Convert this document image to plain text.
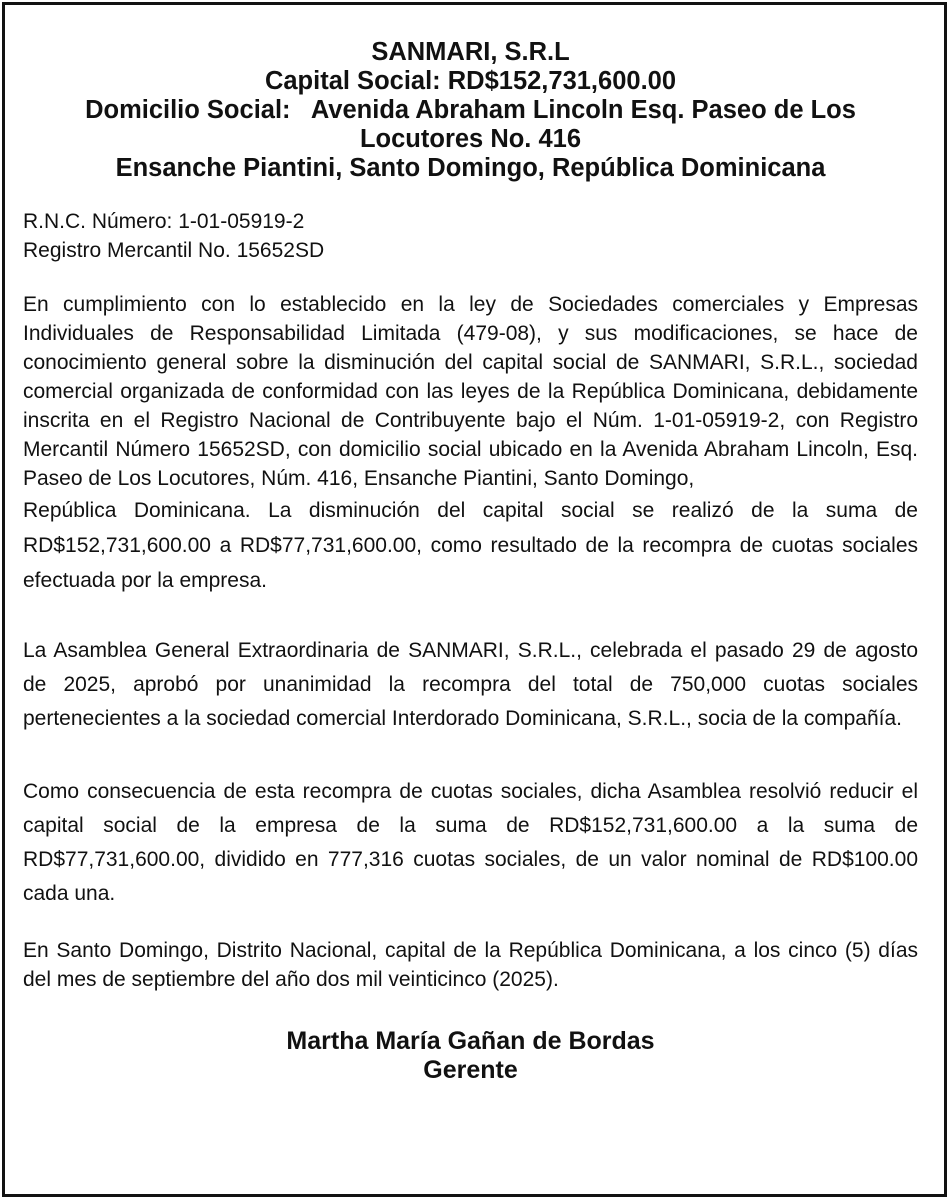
SANMARI, S.R.L
Capital Social: RD$152,731,600.00
Domicilio Social:   Avenida Abraham Lincoln Esq. Paseo de Los
Locutores No. 416
Ensanche Piantini, Santo Domingo, República Dominicana
R.N.C. Número: 1-01-05919-2
Registro Mercantil No. 15652SD

En cumplimiento con lo establecido en la ley de Sociedades comerciales y Empresas Individuales de Responsabilidad Limitada (479-08), y sus modificaciones, se hace de conocimiento general sobre la disminución del capital social de SANMARI, S.R.L., sociedad comercial organizada de conformidad con las leyes de la República Dominicana, debidamente inscrita en el Registro Nacional de Contribuyente bajo el Núm. 1-01-05919-2, con Registro Mercantil Número 15652SD, con domicilio social ubicado en la Avenida Abraham Lincoln, Esq. Paseo de Los Locutores, Núm. 416, Ensanche Piantini, Santo Domingo,

República Dominicana. La disminución del capital social se realizó de la suma de RD$152,731,600.00 a RD$77,731,600.00, como resultado de la recompra de cuotas sociales efectuada por la empresa.

La Asamblea General Extraordinaria de SANMARI, S.R.L., celebrada el pasado 29 de agosto de 2025, aprobó por unanimidad la recompra del total de 750,000 cuotas sociales pertenecientes a la sociedad comercial Interdorado Dominicana, S.R.L., socia de la compañía.

Como consecuencia de esta recompra de cuotas sociales, dicha Asamblea resolvió reducir el capital social de la empresa de la suma de RD$152,731,600.00 a la suma de RD$77,731,600.00, dividido en 777,316 cuotas sociales, de un valor nominal de RD$100.00 cada una.

En Santo Domingo, Distrito Nacional, capital de la República Dominicana, a los cinco (5) días del mes de septiembre del año dos mil veinticinco (2025).

Martha María Gañan de Bordas
Gerente
